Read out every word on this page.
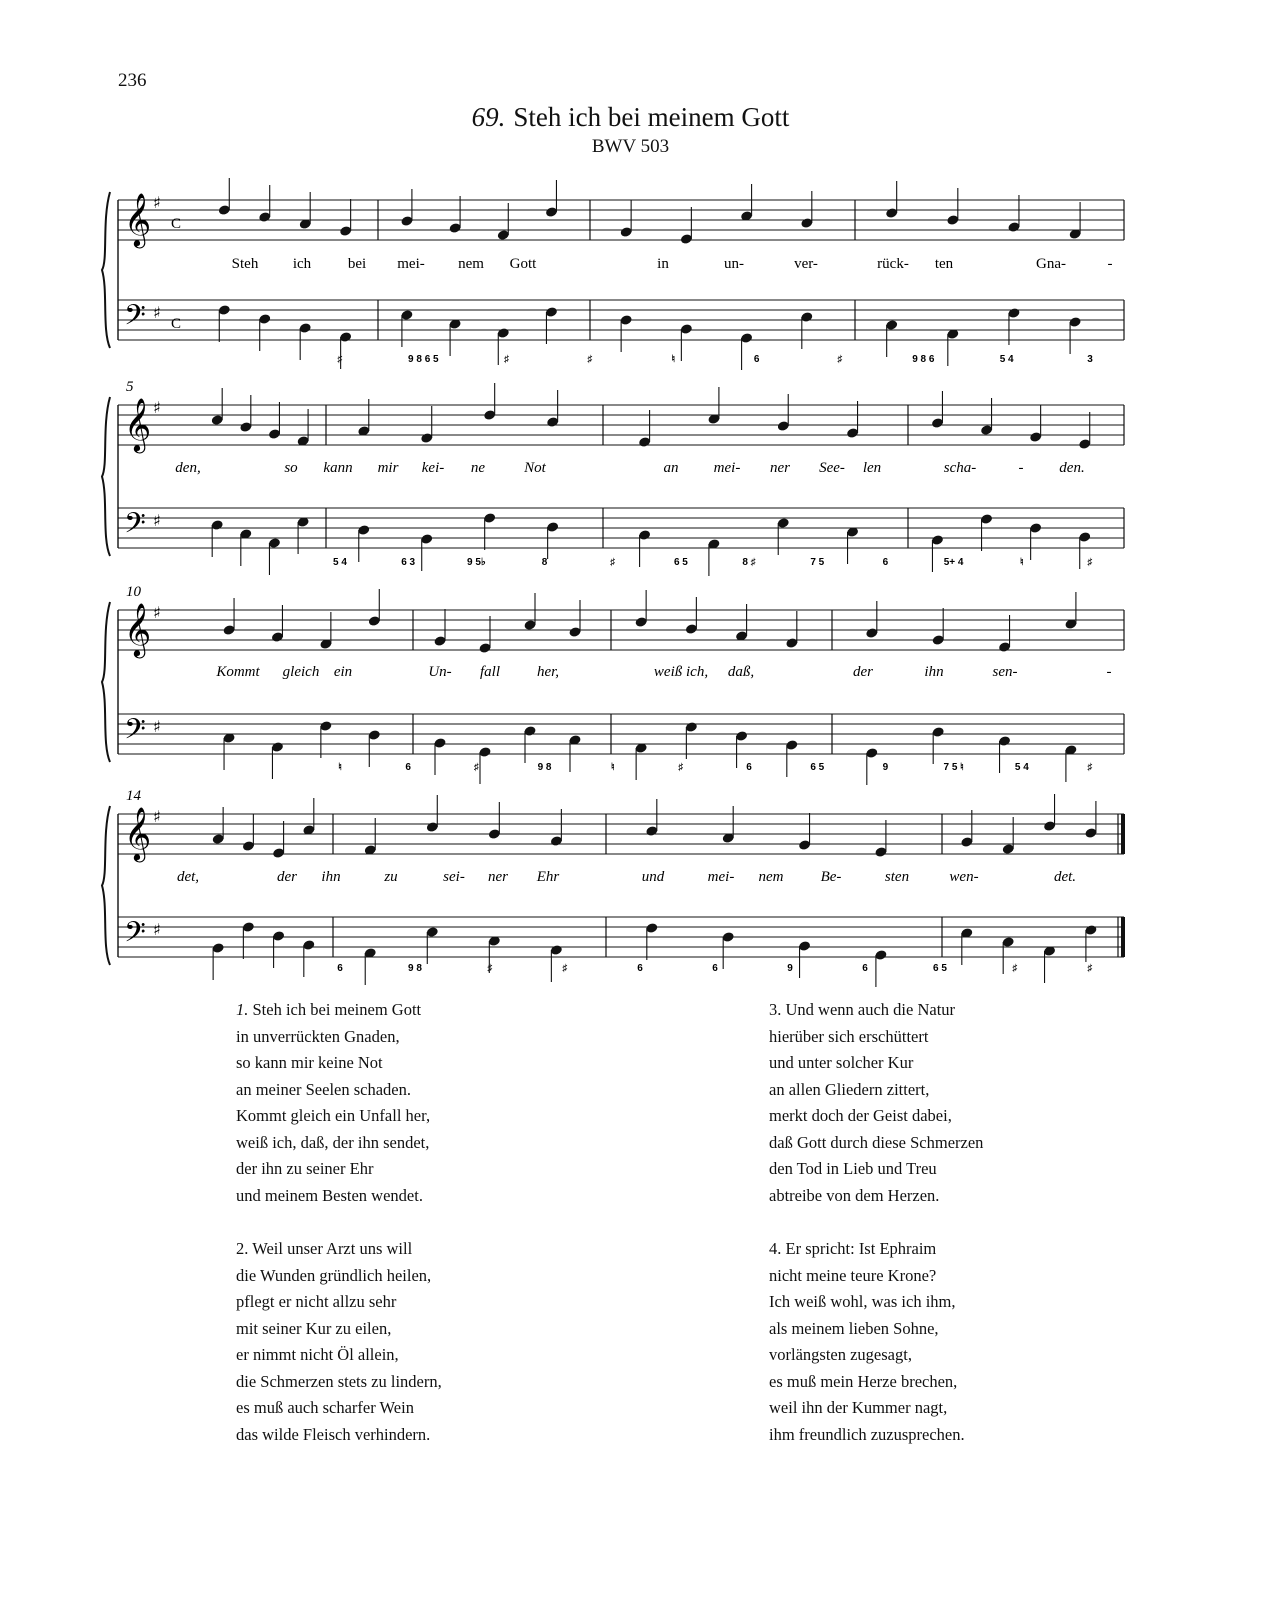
236
69. Steh ich bei meinem Gott
BWV 503
𝄞
𝄢
♯
♯
C
C
Steh ich bei mei- nem Gott	in	un-	ver-	rück- ten	Gna-	-
♯	9 8 6 5	♯	♯	♮	6	♯	9 8 6	5 4	3
𝄞
𝄢
♯
♯
5
den,	so kann mir kei- ne	Not	an mei- ner See- len	scha-	- den.
5 4	6 3	9 5♭	8	♯	6 5	8 ♯	7 5	6	5+ 4	♮	♯
𝄞
𝄢
♯
♯
10
Kommt gleich ein	Un- fall her,	weiß ich, daß,	der	ihn	sen-	-
♮	6	♯	9 8	♮	♯	6	6 5	9	7 5 ♮	5 4	♯
𝄞
𝄢
♯
♯
14
det,	der ihn	zu	sei- ner Ehr	und	mei- nem Be-	sten	wen-	det.
6	9 8	♯	♯	6	6	9	6	6 5	♯	♯
1. Steh ich bei meinem Gott
in unverrückten Gnaden,
so kann mir keine Not
an meiner Seelen schaden.
Kommt gleich ein Unfall her,
weiß ich, daß, der ihn sendet,
der ihn zu seiner Ehr
und meinem Besten wendet.
2. Weil unser Arzt uns will
die Wunden gründlich heilen,
pflegt er nicht allzu sehr
mit seiner Kur zu eilen,
er nimmt nicht Öl allein,
die Schmerzen stets zu lindern,
es muß auch scharfer Wein
das wilde Fleisch verhindern.
3. Und wenn auch die Natur
hierüber sich erschüttert
und unter solcher Kur
an allen Gliedern zittert,
merkt doch der Geist dabei,
daß Gott durch diese Schmerzen
den Tod in Lieb und Treu
abtreibe von dem Herzen.
4. Er spricht: Ist Ephraim
nicht meine teure Krone?
Ich weiß wohl, was ich ihm,
als meinem lieben Sohne,
vorlängsten zugesagt,
es muß mein Herze brechen,
weil ihn der Kummer nagt,
ihm freundlich zuzusprechen.
